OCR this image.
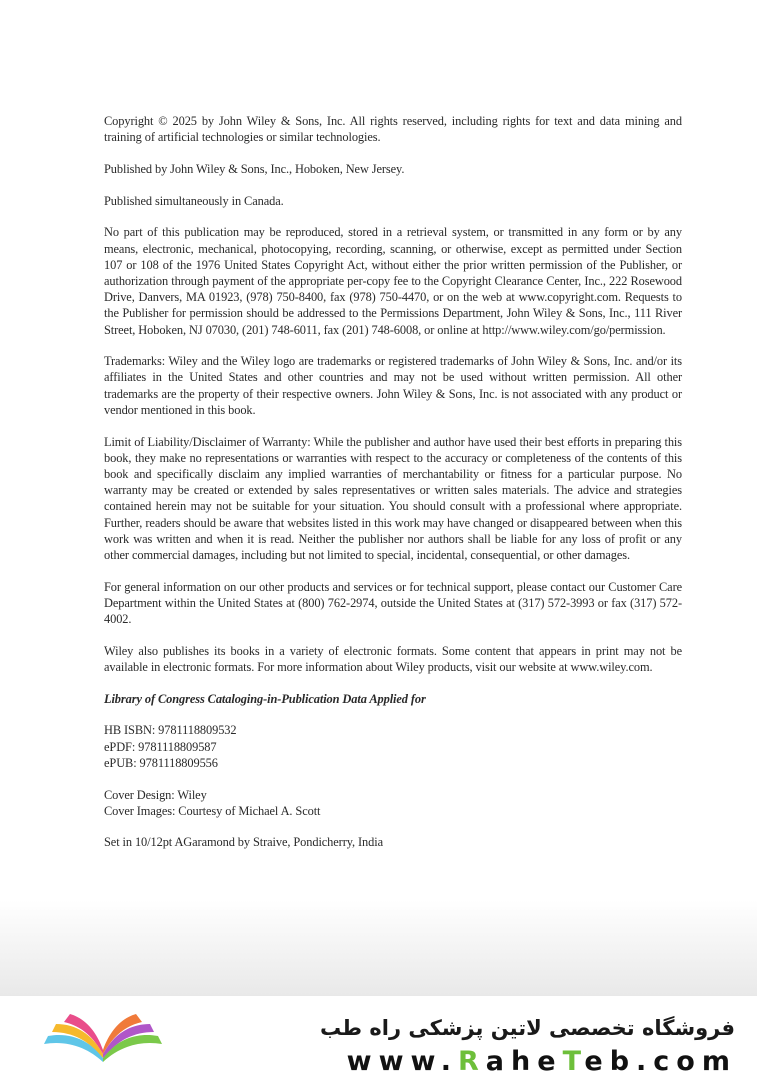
Copyright © 2025 by John Wiley & Sons, Inc. All rights reserved, including rights for text and data mining and training of artificial technologies or similar technologies.

Published by John Wiley & Sons, Inc., Hoboken, New Jersey.

Published simultaneously in Canada.

No part of this publication may be reproduced, stored in a retrieval system, or transmitted in any form or by any means, electronic, mechanical, photocopying, recording, scanning, or otherwise, except as permitted under Section 107 or 108 of the 1976 United States Copyright Act, without either the prior written permission of the Publisher, or authorization through payment of the appropriate per-copy fee to the Copyright Clearance Center, Inc., 222 Rosewood Drive, Danvers, MA 01923, (978) 750-8400, fax (978) 750-4470, or on the web at www.copyright.com. Requests to the Publisher for permission should be addressed to the Permissions Department, John Wiley & Sons, Inc., 111 River Street, Hoboken, NJ 07030, (201) 748-6011, fax (201) 748-6008, or online at http://www.wiley.com/go/permission.

Trademarks: Wiley and the Wiley logo are trademarks or registered trademarks of John Wiley & Sons, Inc. and/or its affiliates in the United States and other countries and may not be used without written permission. All other trademarks are the property of their respective owners. John Wiley & Sons, Inc. is not associated with any product or vendor mentioned in this book.

Limit of Liability/Disclaimer of Warranty: While the publisher and author have used their best efforts in preparing this book, they make no representations or warranties with respect to the accuracy or completeness of the contents of this book and specifically disclaim any implied warranties of merchantability or fitness for a particular purpose. No warranty may be created or extended by sales representatives or written sales materials. The advice and strategies contained herein may not be suitable for your situation. You should consult with a professional where appropriate. Further, readers should be aware that websites listed in this work may have changed or disappeared between when this work was written and when it is read. Neither the publisher nor authors shall be liable for any loss of profit or any other commercial damages, including but not limited to special, incidental, consequential, or other damages.

For general information on our other products and services or for technical support, please contact our Customer Care Department within the United States at (800) 762-2974, outside the United States at (317) 572-3993 or fax (317) 572-4002.

Wiley also publishes its books in a variety of electronic formats. Some content that appears in print may not be available in electronic formats. For more information about Wiley products, visit our website at www.wiley.com.

Library of Congress Cataloging-in-Publication Data Applied for

HB ISBN: 9781118809532
ePDF: 9781118809587
ePUB: 9781118809556

Cover Design: Wiley
Cover Images: Courtesy of Michael A. Scott

Set in 10/12pt AGaramond by Straive, Pondicherry, India

فروشگاه تخصصی لاتین پزشکی راه طب
www.RaheTeb.com
